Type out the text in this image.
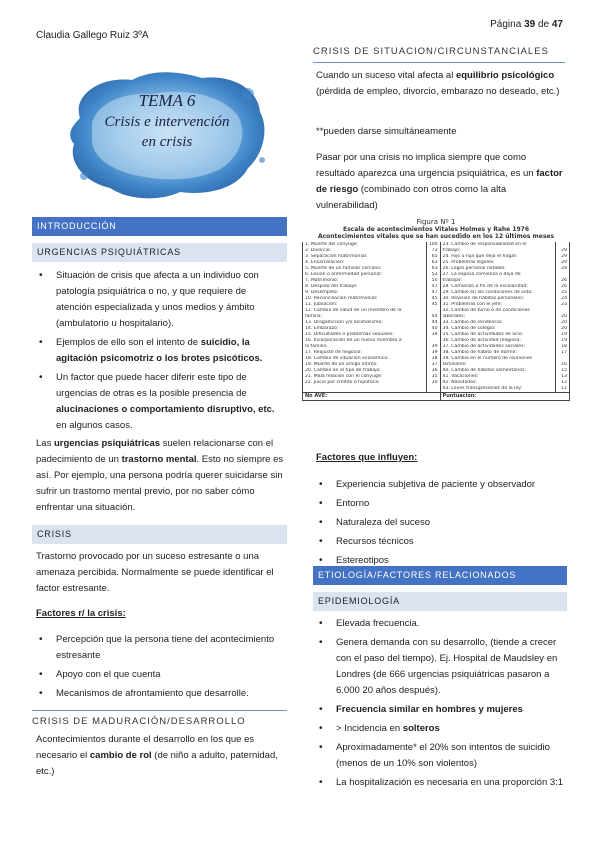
Claudia Gallego Ruiz 3ºA
Página 39 de 47
TEMA 6
Crisis e intervención
en crisis
INTRODUCCIÓN
URGENCIAS PSIQUIÁTRICAS
• Situación de crisis que afecta a un individuo con patología psiquiátrica o no, y que requiere de atención especializada y unos medios y ámbito (ambulatorio u hospitalario).
• Ejemplos de ello son el intento de suicidio, la agitación psicomotriz o los brotes psicóticos.
• Un factor que puede hacer diferir este tipo de urgencias de otras es la posible presencia de alucinaciones o comportamiento disruptivo, etc. en algunos casos.

Las urgencias psiquiátricas suelen relacionarse con el padecimiento de un trastorno mental. Esto no siempre es así. Por ejemplo, una persona podría querer suicidarse sin sufrir un trastorno mental previo, por no saber cómo enfrentar una situación.

CRISIS

Trastorno provocado por un suceso estresante o una amenaza percibida. Normalmente se puede identificar el factor estresante.

Factores r/ la crisis:
• Percepción que la persona tiene del acontecimiento estresante
• Apoyo con el que cuenta
• Mecanismos de afrontamiento que desarrolle.
CRISIS DE MADURACIÓN/DESARROLLO

Acontecimientos durante el desarrollo en los que es necesario el cambio de rol (de niño a adulto, paternidad, etc.)

CRISIS DE SITUACION/CIRCUNSTANCIALES

Cuando un suceso vital afecta al equilibrio psicológico (pérdida de empleo, divorcio, embarazo no deseado, etc.)

**pueden darse simultáneamente

Pasar por una crisis no implica siempre que como resultado aparezca una urgencia psiquiátrica, es un factor de riesgo (combinado con otros como la alta vulnerabilidad)

Figura Nº 1
Escala de acontecimientos Vitales Holmes y Rahe 1976
Acontecimientos vitales que se han sucedido en los 12 últimos meses
1. Muerte del cónyuge:	100	23. Cambio de responsabilidad en el	
2. Divorcio:	73	trabajo:	29
3. Separación matrimonial:	65	24. Hijo o hija que deja el hogar:	29
4. Encarcelación:	63	25. Problemas legales:	29
5. Muerte de un familiar cercano:	63	26. Logro personal notable:	28
6. Lesión o enfermedad personal:	53	27. La esposa comienza o deja de	
7. Matrimonio:	50	trabajar:	26
8. Despido del trabajo:	47	28. Comienzo o fin de la escolaridad:	26
9. Desempleo:	47	29. Cambio en las condiciones de vida:	25
10. Reconciliación matrimonial:	45	30. Revisión de hábitos personales:	24
11. Jubilación:	45	31. Problemas con el jefe:	23
12. Cambio de salud de un miembro de la		32. Cambio de turno o de condiciones	
familia:	44	laborales:	20
13. Drogadicción y/o alcoholismo:	44	33. Cambio de residencia:	20
14. Embarazo:	40	34. Cambio de colegio:	20
15. Dificultades o problemas sexuales:	39	35. Cambio de actividades de ocio:	19
16. Incorporación de un nuevo miembro a		36. Cambio de actividad religiosa:	19
la familia:	39	37. Cambio de actividades sociales:	18
17. Reajuste de negocio:	39	38. Cambio de hábito de dormir:	17
18. Cambio de situación económica:	38	39. Cambio en el número de reuniones	
19. Muerte de un amigo íntimo:	37	familiares:	16
20. Cambio en el tipo de trabajo:	36	40. Cambio de hábitos alimentarios:	15
21. Mala relación con el cónyuge:	35	41. Vacaciones:	13
22. Juicio por crédito o hipoteca:	30	42. Navidades:	12
		43. Leves transgresiones de la ley:	11
No AVE:		Puntuación:	
Factores que influyen:
• Experiencia subjetiva de paciente y observador
• Entorno
• Naturaleza del suceso
• Recursos técnicos
• Estereotipos
ETIOLOGÍA/FACTORES RELACIONADOS
EPIDEMIOLOGÍA
• Elevada frecuencia.
• Genera demanda con su desarrollo, (tiende a crecer con el paso del tiempo). Ej. Hospital de Maudsley en Londres (de 666 urgencias psiquiátricas pasaron a 6.000 20 años después).
• Frecuencia similar en hombres y mujeres
• > Incidencia en solteros
• Aproximadamente* el 20% son intentos de suicidio (menos de un 10% son violentos)
• La hospitalización es necesaria en una proporción 3:1
